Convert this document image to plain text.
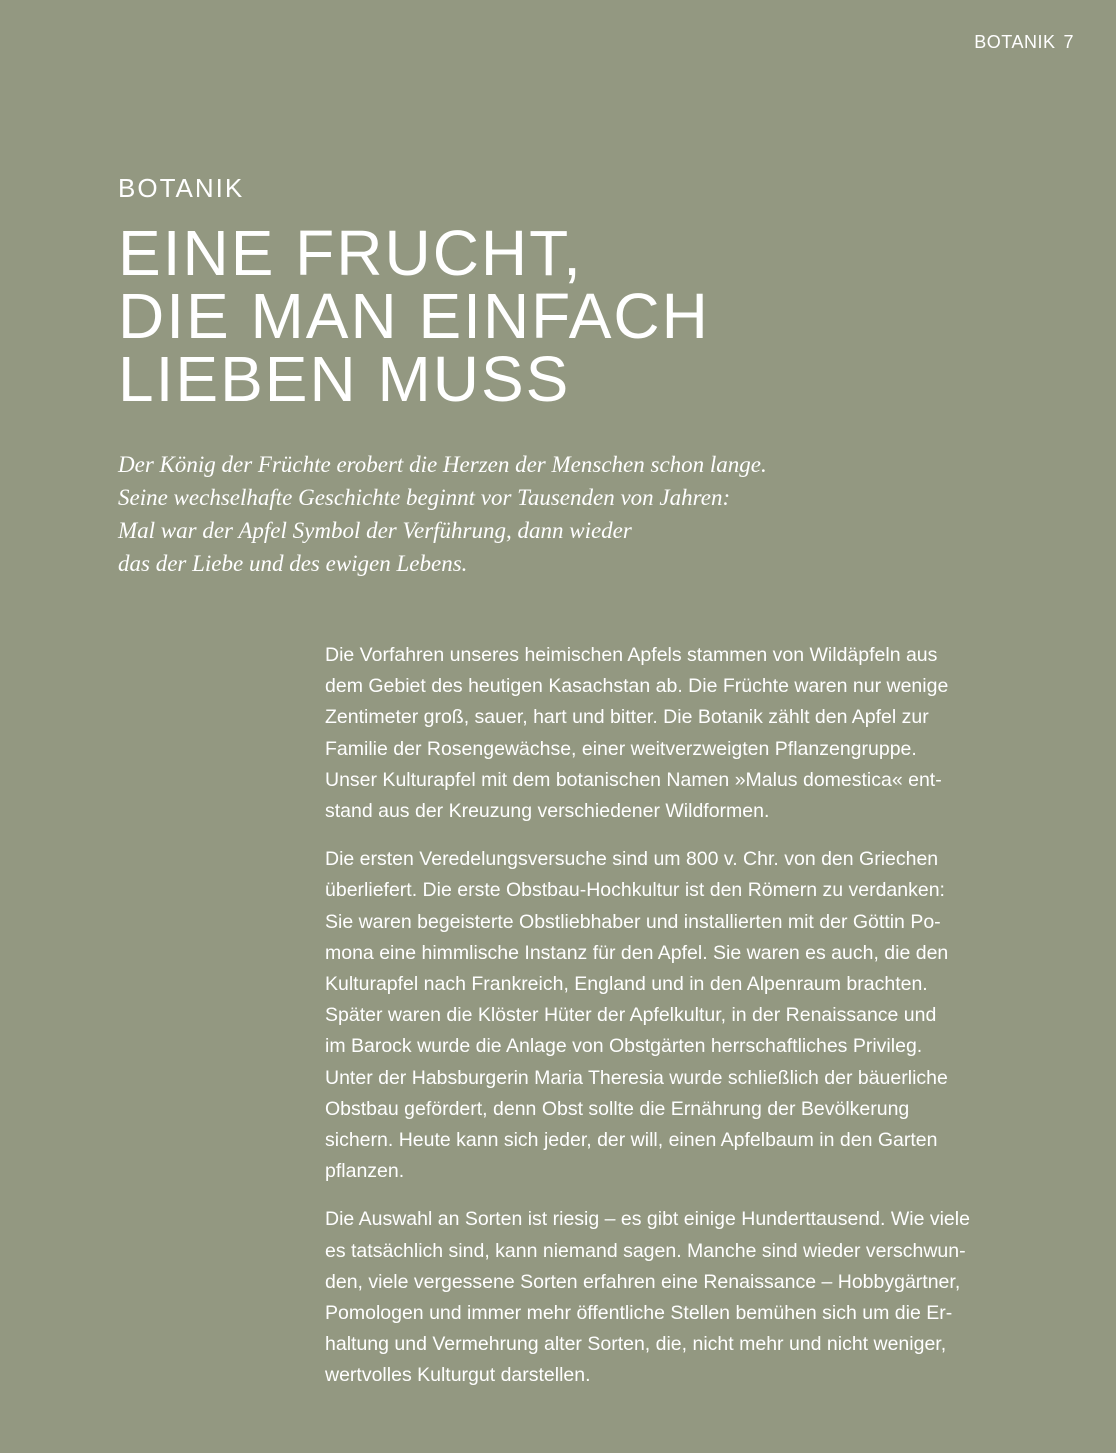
BOTANIK 7
BOTANIK
EINE FRUCHT,
DIE MAN EINFACH
LIEBEN MUSS

Der König der Früchte erobert die Herzen der Menschen schon lange.
Seine wechselhafte Geschichte beginnt vor Tausenden von Jahren:
Mal war der Apfel Symbol der Verführung, dann wieder
das der Liebe und des ewigen Lebens.

Die Vorfahren unseres heimischen Apfels stammen von Wildäpfeln aus
dem Gebiet des heutigen Kasachstan ab. Die Früchte waren nur wenige
Zentimeter groß, sauer, hart und bitter. Die Botanik zählt den Apfel zur
Familie der Rosengewächse, einer weitverzweigten Pflanzengruppe.
Unser Kulturapfel mit dem botanischen Namen »Malus domestica« ent-
stand aus der Kreuzung verschiedener Wildformen.

Die ersten Veredelungsversuche sind um 800 v. Chr. von den Griechen
überliefert. Die erste Obstbau-Hochkultur ist den Römern zu verdanken:
Sie waren begeisterte Obstliebhaber und installierten mit der Göttin Po-
mona eine himmlische Instanz für den Apfel. Sie waren es auch, die den
Kulturapfel nach Frankreich, England und in den Alpenraum brachten.
Später waren die Klöster Hüter der Apfelkultur, in der Renaissance und
im Barock wurde die Anlage von Obstgärten herrschaftliches Privileg.
Unter der Habsburgerin Maria Theresia wurde schließlich der bäuerliche
Obstbau gefördert, denn Obst sollte die Ernährung der Bevölkerung
sichern. Heute kann sich jeder, der will, einen Apfelbaum in den Garten
pflanzen.

Die Auswahl an Sorten ist riesig – es gibt einige Hunderttausend. Wie viele
es tatsächlich sind, kann niemand sagen. Manche sind wieder verschwun-
den, viele vergessene Sorten erfahren eine Renaissance – Hobbygärtner,
Pomologen und immer mehr öffentliche Stellen bemühen sich um die Er-
haltung und Vermehrung alter Sorten, die, nicht mehr und nicht weniger,
wertvolles Kulturgut darstellen.
